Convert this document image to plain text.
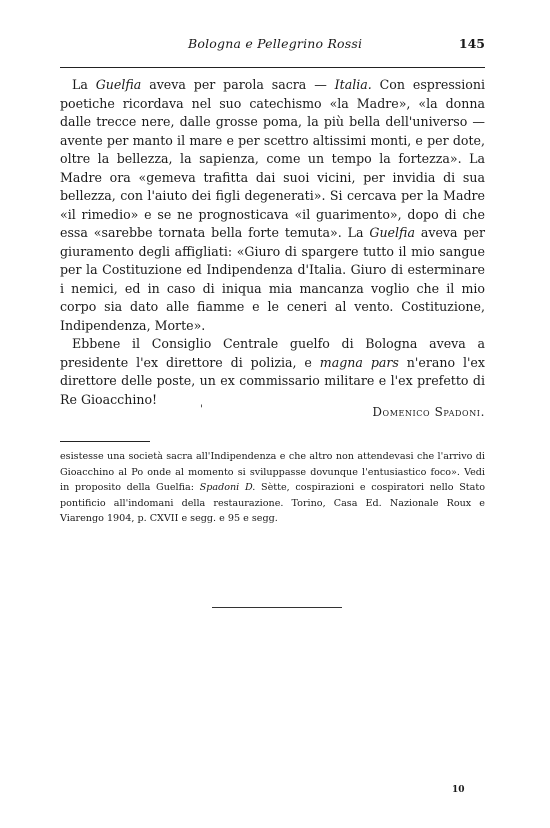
Bologna e Pellegrino Rossi	145

La Guelfia aveva per parola sacra — Italia. Con espressioni poetiche ricordava nel suo catechismo «la Madre», «la donna dalle trecce nere, dalle grosse poma, la più bella dell'universo — avente per manto il mare e per scettro altissimi monti, e per dote, oltre la bellezza, la sapienza, come un tempo la fortezza». La Madre ora «gemeva trafitta dai suoi vicini, per invidia di sua bellezza, con l'aiuto dei figli degenerati». Si cercava per la Madre «il rimedio» e se ne prognosticava «il guarimento», dopo di che essa «sarebbe tornata bella forte temuta». La Guelfia aveva per giuramento degli affigliati: «Giuro di spargere tutto il mio sangue per la Costituzione ed Indipendenza d'Italia. Giuro di esterminare i nemici, ed in caso di iniqua mia mancanza voglio che il mio corpo sia dato alle fiamme e le ceneri al vento. Costituzione, Indipendenza, Morte».

Ebbene il Consiglio Centrale guelfo di Bologna aveva a presidente l'ex direttore di polizia, e magna pars n'erano l'ex direttore delle poste, un ex commissario militare e l'ex prefetto di Re Gioacchino!

'	Domenico Spadoni.
esistesse una società sacra all'Indipendenza e che altro non attendevasi che l'arrivo di Gioacchino al Po onde al momento si sviluppasse dovunque l'entusiastico foco». Vedi in proposito della Guelfia: Spadoni D. Sètte, cospirazioni e cospiratori nello Stato pontificio all'indomani della restaurazione. Torino, Casa Ed. Nazionale Roux e Viarengo 1904, p. CXVII e segg. e 95 e segg.
10
